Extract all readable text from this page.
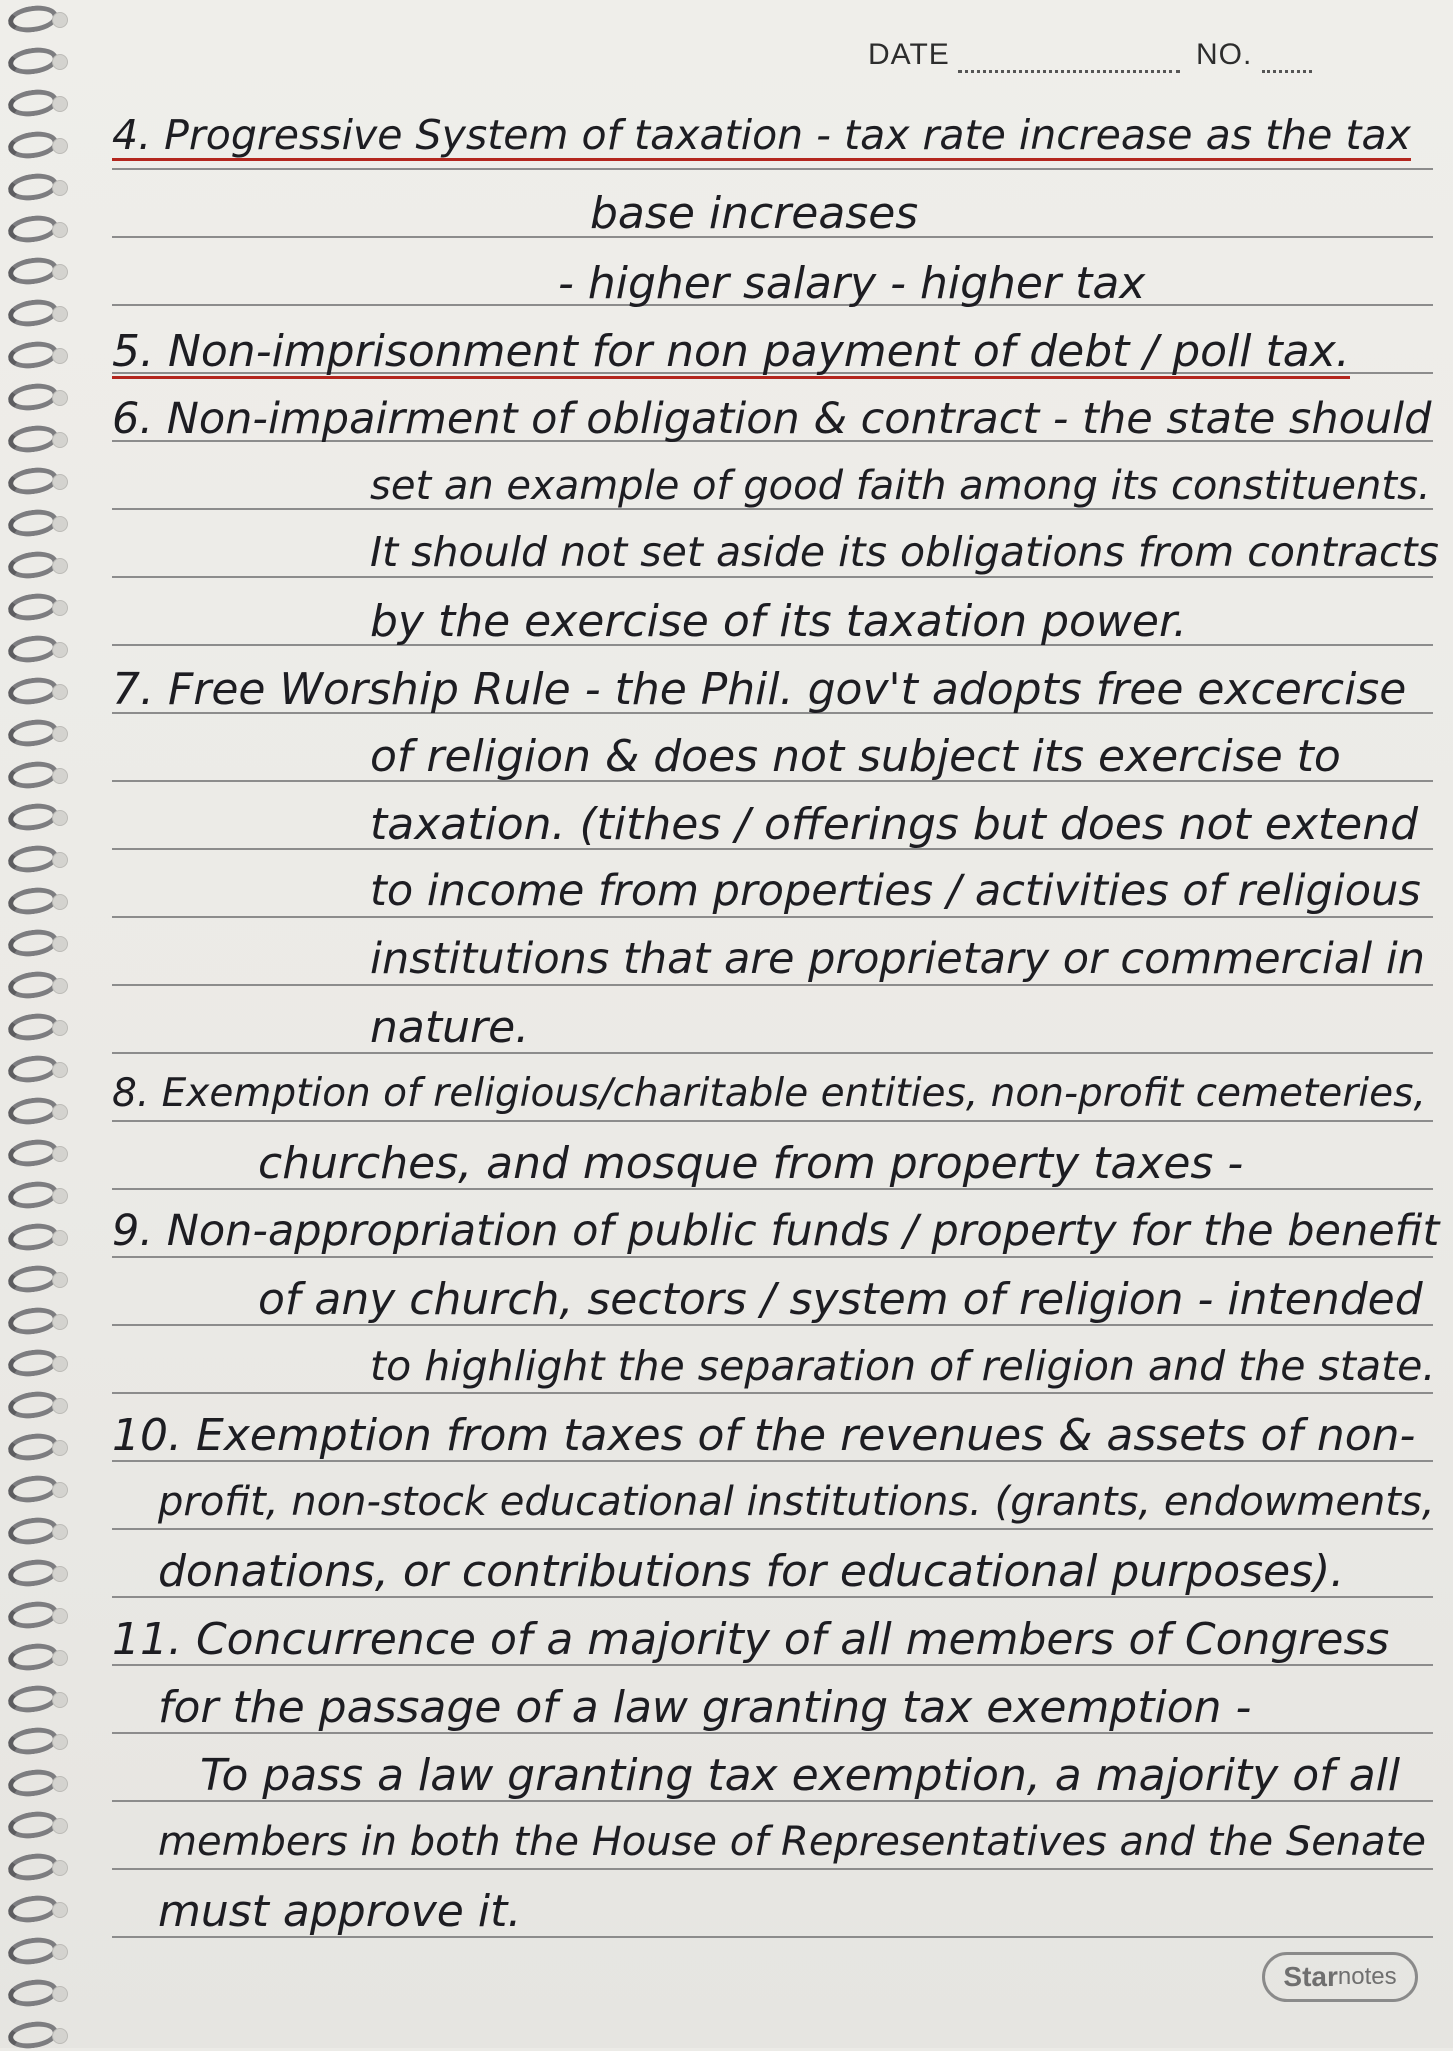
DATE	NO.
4. Progressive System of taxation - tax rate increase as the tax
base increases
- higher salary - higher tax
5. Non-imprisonment for non payment of debt / poll tax.
6. Non-impairment of obligation & contract - the state should
set an example of good faith among its constituents.
It should not set aside its obligations from contracts
by the exercise of its taxation power.
7. Free Worship Rule - the Phil. gov't adopts free excercise
of religion & does not subject its exercise to
taxation. (tithes / offerings but does not extend
to income from properties / activities of religious
institutions that are proprietary or commercial in
nature.
8. Exemption of religious/charitable entities, non-profit cemeteries,
churches, and mosque from property taxes -
9. Non-appropriation of public funds / property for the benefit
of any church, sectors / system of religion - intended
to highlight the separation of religion and the state.
10. Exemption from taxes of the revenues & assets of non-
profit, non-stock educational institutions. (grants, endowments,
donations, or contributions for educational purposes).
11. Concurrence of a majority of all members of Congress
for the passage of a law granting tax exemption -
To pass a law granting tax exemption, a majority of all
members in both the House of Representatives and the Senate
must approve it.
Star notes
